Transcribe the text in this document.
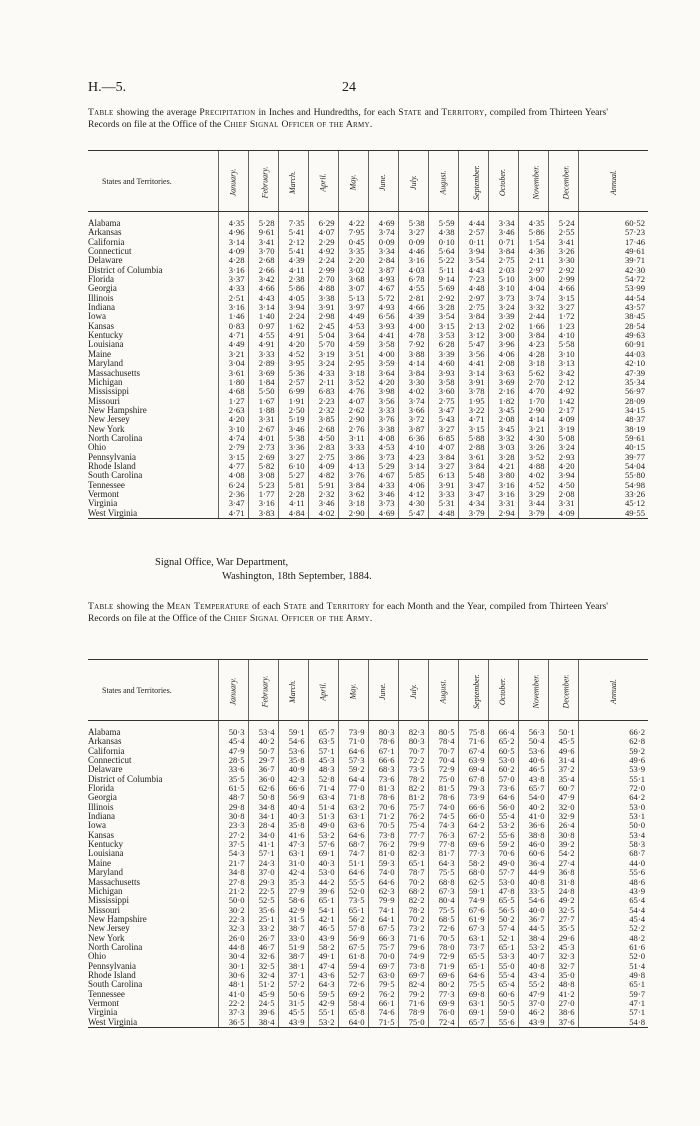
H.—5.	24
Table showing the average Precipitation in Inches and Hundredths, for each State and Territory, compiled from Thirteen Years' Records on file at the Office of the Chief Signal Officer of the Army.
States and Territories.	January.	February.	March.	April.	May.	June.	July.	August.	September.	October.	November.	December.	Annual.
Alabama	4·35	5·28	7·35	6·29	4·22	4·69	5·38	5·59	4·44	3·34	4·35	5·24	60·52
Arkansas	4·96	9·61	5·41	4·07	7·95	3·74	3·27	4·38	2·57	3·46	5·86	2·55	57·23
California	3·14	3·41	2·12	2·29	0·45	0·09	0·09	0·10	0·11	0·71	1·54	3·41	17·46
Connecticut	4·09	3·70	5·41	4·92	3·35	3·34	4·46	5·64	3·94	3·84	4·36	3·26	49·61
Delaware	4·28	2·68	4·39	2·24	2·20	2·84	3·16	5·22	3·54	2·75	2·11	3·30	39·71
District of Columbia	3·16	2·66	4·11	2·99	3·02	3·87	4·03	5·11	4·43	2·03	2·97	2·92	42·30
Florida	3·37	3·42	2·38	2·70	3·68	4·93	6·78	9·14	7·23	5·10	3·00	2·99	54·72
Georgia	4·33	4·66	5·86	4·88	3·07	4·67	4·55	5·69	4·48	3·10	4·04	4·66	53·99
Illinois	2·51	4·43	4·05	3·38	5·13	5·72	2·81	2·92	2·97	3·73	3·74	3·15	44·54
Indiana	3·16	3·14	3·94	3·91	3·97	4·93	4·66	3·28	2·75	3·24	3·32	3·27	43·57
Iowa	1·46	1·40	2·24	2·98	4·49	6·56	4·39	3·54	3·84	3·39	2·44	1·72	38·45
Kansas	0·83	0·97	1·62	2·45	4·53	3·93	4·00	3·15	2·13	2·02	1·66	1·23	28·54
Kentucky	4·71	4·55	4·91	5·04	3·64	4·41	4·78	3·53	3·12	3·00	3·84	4·10	49·63
Louisiana	4·49	4·91	4·20	5·70	4·59	3·58	7·92	6·28	5·47	3·96	4·23	5·58	60·91
Maine	3·21	3·33	4·52	3·19	3·51	4·00	3·88	3·39	3·56	4·06	4·28	3·10	44·03
Maryland	3·04	2·89	3·95	3·24	2·95	3·59	4·14	4·60	4·41	2·08	3·18	3·13	42·10
Massachusetts	3·61	3·69	5·36	4·33	3·18	3·64	3·84	3·93	3·14	3·63	5·62	3·42	47·39
Michigan	1·80	1·84	2·57	2·11	3·52	4·20	3·30	3·58	3·91	3·69	2·70	2·12	35·34
Mississippi	4·68	5·50	6·99	6·83	4·76	3·98	4·02	3·60	3·78	2·16	4·70	4·92	56·97
Missouri	1·27	1·67	1·91	2·23	4·07	3·56	3·74	2·75	1·95	1·82	1·70	1·42	28·09
New Hampshire	2·63	1·88	2·50	2·32	2·62	3·33	3·66	3·47	3·22	3·45	2·90	2·17	34·15
New Jersey	4·20	3·31	5·19	3·85	2·90	3·76	3·72	5·43	4·71	2·08	4·14	4·09	48·37
New York	3·10	2·67	3·46	2·68	2·76	3·38	3·87	3·27	3·15	3·45	3·21	3·19	38·19
North Carolina	4·74	4·01	5·38	4·50	3·11	4·08	6·36	6·85	5·88	3·32	4·30	5·08	59·61
Ohio	2·79	2·73	3·36	2·83	3·33	4·53	4·10	4·07	2·88	3·03	3·26	3·24	40·15
Pennsylvania	3·15	2·69	3·27	2·75	3·86	3·73	4·23	3·84	3·61	3·28	3·52	2·93	39·77
Rhode Island	4·77	5·82	6·10	4·09	4·13	5·29	3·14	3·27	3·84	4·21	4·88	4·20	54·04
South Carolina	4·08	3·08	5·27	4·82	3·76	4·67	5·85	6·13	5·48	3·80	4·02	3·94	55·80
Tennessee	6·24	5·23	5·81	5·91	3·84	4·33	4·06	3·91	3·47	3·16	4·52	4·50	54·98
Vermont	2·36	1·77	2·28	2·32	3·62	3·46	4·12	3·33	3·47	3·16	3·29	2·08	33·26
Virginia	3·47	3·16	4·11	3·46	3·18	3·73	4·30	5·31	4·34	3·31	3·44	3·31	45·12
West Virginia	4·71	3·83	4·84	4·02	2·90	4·69	5·47	4·48	3·79	2·94	3·79	4·09	49·55
Signal Office, War Department,
Washington, 18th September, 1884.
Table showing the Mean Temperature of each State and Territory for each Month and the Year, compiled from Thirteen Years' Records on file at the Office of the Chief Signal Officer of the Army.
States and Territories.	January.	February.	March.	April.	May.	June.	July.	August.	September.	October.	November.	December.	Annual.
Alabama	50·3	53·4	59·1	65·7	73·9	80·3	82·3	80·5	75·8	66·4	56·3	50·1	66·2
Arkansas	45·4	40·2	54·6	63·5	71·0	78·6	80·3	78·4	71·6	65·2	50·4	45·5	62·8
California	47·9	50·7	53·6	57·1	64·6	67·1	70·7	70·7	67·4	60·5	53·6	49·6	59·2
Connecticut	28·5	29·7	35·8	45·3	57·3	66·6	72·2	70·4	63·9	53·0	40·6	31·4	49·6
Delaware	33·6	36·7	40·9	48·3	59·2	68·3	73·5	72·9	69·4	60·2	46·5	37·2	53·9
District of Columbia	35·5	36·0	42·3	52·8	64·4	73·6	78·2	75·0	67·8	57·0	43·8	35·4	55·1
Florida	61·5	62·6	66·6	71·4	77·0	81·3	82·2	81·5	79·3	73·6	65·7	60·7	72·0
Georgia	48·7	50·8	56·9	63·4	71·8	78·6	81·2	78·6	73·9	64·6	54·0	47·9	64·2
Illinois	29·8	34·8	40·4	51·4	63·2	70·6	75·7	74·0	66·6	56·0	40·2	32·0	53·0
Indiana	30·8	34·1	40·3	51·3	63·1	71·2	76·2	74·5	66·0	55·4	41·0	32·9	53·1
Iowa	23·3	28·4	35·8	49·0	63·6	70·5	75·4	74·3	64·2	53·2	36·6	26·4	50·0
Kansas	27·2	34·0	41·6	53·2	64·6	73·8	77·7	76·3	67·2	55·6	38·8	30·8	53·4
Kentucky	37·5	41·1	47·3	57·6	68·7	76·2	79·9	77·8	69·6	59·2	46·0	39·2	58·3
Louisiana	54·3	57·1	63·1	69·1	74·7	81·0	82·3	81·7	77·3	70·6	60·6	54·2	68·7
Maine	21·7	24·3	31·0	40·3	51·1	59·3	65·1	64·3	58·2	49·0	36·4	27·4	44·0
Maryland	34·8	37·0	42·4	53·0	64·6	74·0	78·7	75·5	68·0	57·7	44·9	36·8	55·6
Massachusetts	27·8	29·3	35·3	44·2	55·5	64·6	70·2	68·8	62·5	53·0	40·8	31·8	48·6
Michigan	21·2	22·5	27·9	39·6	52·0	62·3	68·2	67·3	59·1	47·8	33·5	24·8	43·9
Mississippi	50·0	52·5	58·6	65·1	73·5	79·9	82·2	80·4	74·9	65·5	54·6	49·2	65·4
Missouri	30·2	35·6	42·9	54·1	65·1	74·1	78·2	75·5	67·6	56·5	40·0	32·5	54·4
New Hampshire	22·3	25·1	31·5	42·1	56·2	64·1	70·2	68·5	61·9	50·2	36·7	27·7	45·4
New Jersey	32·3	33·2	38·7	46·5	57·8	67·5	73·2	72·6	67·3	57·4	44·5	35·5	52·2
New York	26·0	26·7	33·0	43·9	56·9	66·3	71·6	70·5	63·1	52·1	38·4	29·6	48·2
North Carolina	44·8	46·7	51·9	58·2	67·5	75·7	79·6	78·0	73·7	65·1	53·2	45·3	61·6
Ohio	30·4	32·6	38·7	49·1	61·8	70·0	74·9	72·9	65·5	53·3	40·7	32·3	52·0
Pennsylvania	30·1	32·5	38·1	47·4	59·4	69·7	73·8	71·9	65·1	55·0	40·8	32·7	51·4
Rhode Island	30·6	32·4	37·1	43·6	52·7	63·0	69·7	69·6	64·6	55·4	43·4	35·0	49·8
South Carolina	48·1	51·2	57·2	64·3	72·6	79·5	82·4	80·2	75·5	65·4	55·2	48·8	65·1
Tennessee	41·0	45·9	50·6	59·5	69·2	76·2	79·2	77·3	69·8	60·6	47·9	41·2	59·7
Vermont	22·2	24·5	31·5	42·9	58·4	66·1	71·6	69·9	63·1	50·5	37·0	27·0	47·1
Virginia	37·3	39·6	45·5	55·1	65·8	74·6	78·9	76·0	69·1	59·0	46·2	38·6	57·1
West Virginia	36·5	38·4	43·9	53·2	64·0	71·5	75·0	72·4	65·7	55·6	43·9	37·6	54·8
